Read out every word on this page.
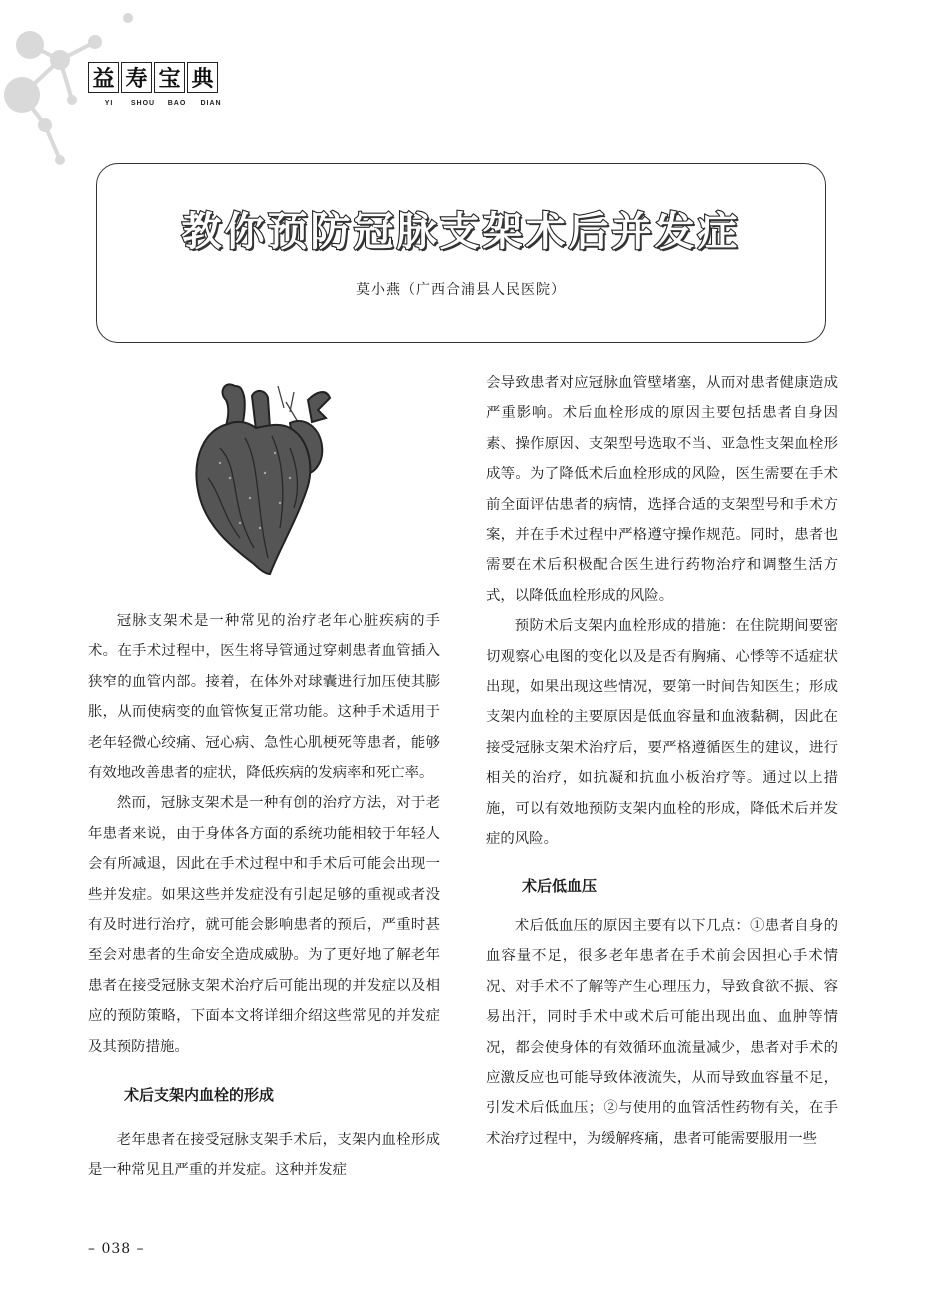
益 寿 宝 典
YI	SHOU	BAO	DIAN
教你预防冠脉支架术后并发症
莫小燕（广西合浦县人民医院）

冠脉支架术是一种常见的治疗老年心脏疾病的手术。在手术过程中，医生将导管通过穿刺患者血管插入狭窄的血管内部。接着，在体外对球囊进行加压使其膨胀，从而使病变的血管恢复正常功能。这种手术适用于老年轻微心绞痛、冠心病、急性心肌梗死等患者，能够有效地改善患者的症状，降低疾病的发病率和死亡率。

然而，冠脉支架术是一种有创的治疗方法，对于老年患者来说，由于身体各方面的系统功能相较于年轻人会有所减退，因此在手术过程中和手术后可能会出现一些并发症。如果这些并发症没有引起足够的重视或者没有及时进行治疗，就可能会影响患者的预后，严重时甚至会对患者的生命安全造成威胁。为了更好地了解老年患者在接受冠脉支架术治疗后可能出现的并发症以及相应的预防策略，下面本文将详细介绍这些常见的并发症及其预防措施。

术后支架内血栓的形成

老年患者在接受冠脉支架手术后，支架内血栓形成是一种常见且严重的并发症。这种并发症

会导致患者对应冠脉血管壁堵塞，从而对患者健康造成严重影响。术后血栓形成的原因主要包括患者自身因素、操作原因、支架型号选取不当、亚急性支架血栓形成等。为了降低术后血栓形成的风险，医生需要在手术前全面评估患者的病情，选择合适的支架型号和手术方案，并在手术过程中严格遵守操作规范。同时，患者也需要在术后积极配合医生进行药物治疗和调整生活方式，以降低血栓形成的风险。

预防术后支架内血栓形成的措施：在住院期间要密切观察心电图的变化以及是否有胸痛、心悸等不适症状出现，如果出现这些情况，要第一时间告知医生；形成支架内血栓的主要原因是低血容量和血液黏稠，因此在接受冠脉支架术治疗后，要严格遵循医生的建议，进行相关的治疗，如抗凝和抗血小板治疗等。通过以上措施，可以有效地预防支架内血栓的形成，降低术后并发症的风险。

术后低血压

术后低血压的原因主要有以下几点：①患者自身的血容量不足，很多老年患者在手术前会因担心手术情况、对手术不了解等产生心理压力，导致食欲不振、容易出汗，同时手术中或术后可能出现出血、血肿等情况，都会使身体的有效循环血流量减少，患者对手术的应激反应也可能导致体液流失，从而导致血容量不足，引发术后低血压；②与使用的血管活性药物有关，在手术治疗过程中，为缓解疼痛，患者可能需要服用一些

– 038 –
